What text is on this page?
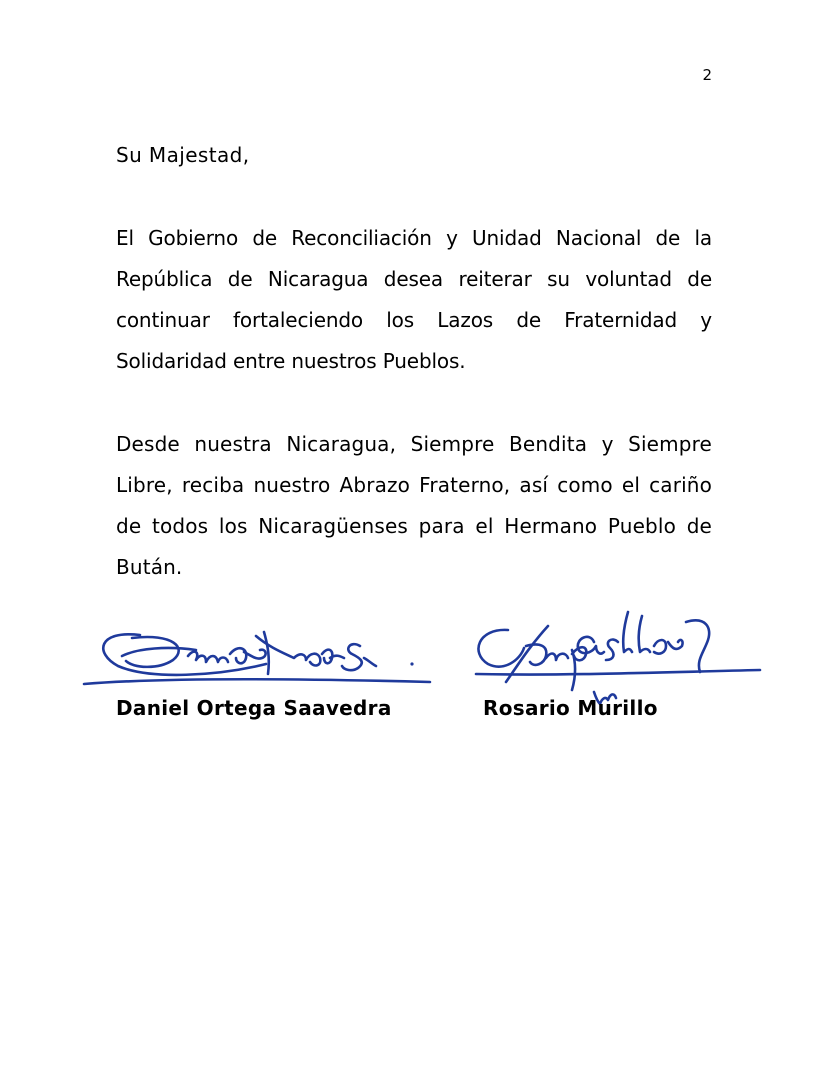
2
Su Majestad,

El Gobierno de Reconciliación y Unidad Nacional de la República de Nicaragua desea reiterar su voluntad de continuar fortaleciendo los Lazos de Fraternidad y Solidaridad entre nuestros Pueblos.

Desde nuestra Nicaragua, Siempre Bendita y Siempre Libre, reciba nuestro Abrazo Fraterno, así como el cariño de todos los Nicaragüenses para el Hermano Pueblo de Bután.

Daniel Ortega Saavedra	Rosario Murillo
